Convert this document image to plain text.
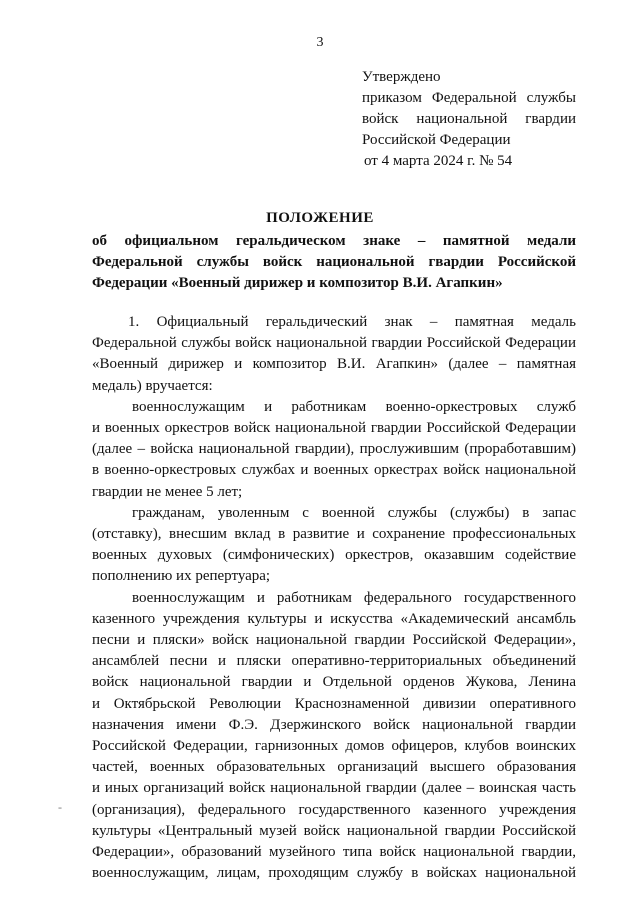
3
Утверждено
приказом Федеральной службы
войск национальной гвардии
Российской Федерации
от 4 марта 2024 г. № 54
ПОЛОЖЕНИЕ
об официальном геральдическом знаке – памятной медали
Федеральной службы войск национальной гвардии Российской
Федерации «Военный дирижер и композитор В.И. Агапкин»
1. Официальный геральдический знак – памятная медаль
Федеральной службы войск национальной гвардии Российской Федерации
«Военный дирижер и композитор В.И. Агапкин» (далее – памятная
медаль) вручается:
военнослужащим и работникам военно-оркестровых служб
и военных оркестров войск национальной гвардии Российской Федерации
(далее – войска национальной гвардии), прослужившим (проработавшим)
в военно-оркестровых службах и военных оркестрах войск национальной
гвардии не менее 5 лет;
гражданам, уволенным с военной службы (службы) в запас
(отставку), внесшим вклад в развитие и сохранение профессиональных
военных духовых (симфонических) оркестров, оказавшим содействие
пополнению их репертуара;
военнослужащим и работникам федерального государственного
казенного учреждения культуры и искусства «Академический ансамбль
песни и пляски» войск национальной гвардии Российской Федерации»,
ансамблей песни и пляски оперативно-территориальных объединений
войск национальной гвардии и Отдельной орденов Жукова, Ленина
и Октябрьской Революции Краснознаменной дивизии оперативного
назначения имени Ф.Э. Дзержинского войск национальной гвардии
Российской Федерации, гарнизонных домов офицеров, клубов воинских
частей, военных образовательных организаций высшего образования
и иных организаций войск национальной гвардии (далее – воинская часть
(организация), федерального государственного казенного учреждения
культуры «Центральный музей войск национальной гвардии Российской
Федерации», образований музейного типа войск национальной гвардии,
военнослужащим, лицам, проходящим службу в войсках национальной
-
